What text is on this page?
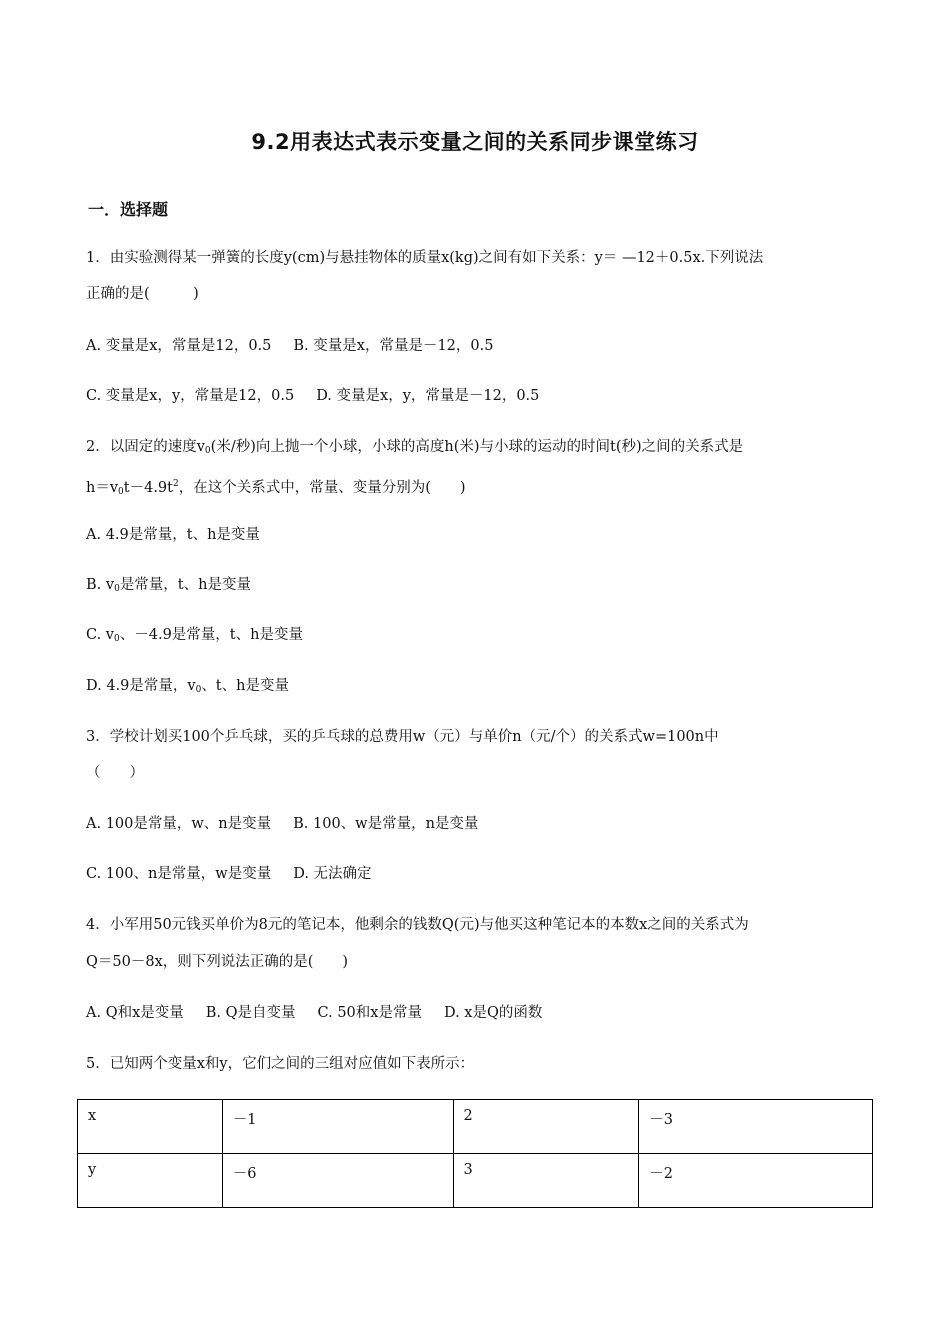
9.2用表达式表示变量之间的关系同步课堂练习
一．选择题
1．由实验测得某一弹簧的长度y(cm)与悬挂物体的质量x(kg)之间有如下关系：y＝ —12＋0.5x.下列说法
正确的是(　　　)
A. 变量是x，常量是12，0.5 B. 变量是x，常量是－12，0.5
C. 变量是x，y，常量是12，0.5 D. 变量是x，y，常量是－12，0.5
2．以固定的速度$v_0$(米/秒)向上抛一个小球，小球的高度h(米)与小球的运动的时间t(秒)之间的关系式是
$h=v_0t-4.9t^2$，在这个关系式中，常量、变量分别为(　　)
A. 4.9是常量，t、h是变量
B. $v_0$是常量，t、h是变量
C. $v_0$、－4.9是常量，t、h是变量
D. 4.9是常量，$v_0$、t、h是变量
3．学校计划买100个乒乓球，买的乒乓球的总费用w（元）与单价n（元/个）的关系式w=100n中
（　　）
A. 100是常量，w、n是变量 B. 100、w是常量，n是变量
C. 100、n是常量，w是变量 D. 无法确定
4．小军用50元钱买单价为8元的笔记本，他剩余的钱数Q(元)与他买这种笔记本的本数x之间的关系式为
Q＝50－8x，则下列说法正确的是(　　)
A. Q和x是变量 B. Q是自变量 C. 50和x是常量 D. x是Q的函数
5．已知两个变量x和y，它们之间的三组对应值如下表所示：
x	－1	2	－3
y	－6	3	－2
